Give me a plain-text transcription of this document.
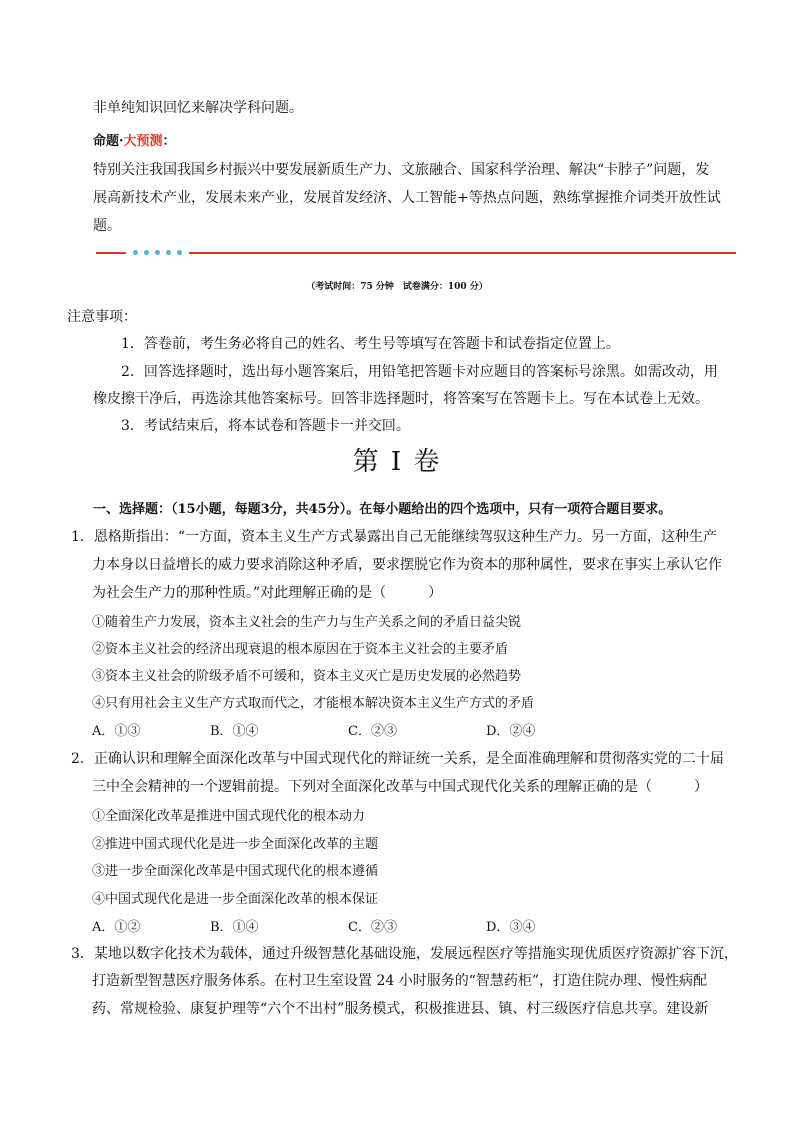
非单纯知识回忆来解决学科问题。
命题·大预测：
特别关注我国我国乡村振兴中要发展新质生产力、文旅融合、国家科学治理、解决“卡脖子”问题，发
展高新技术产业，发展未来产业，发展首发经济、人工智能+等热点问题，熟练掌握推介词类开放性试
题。
（考试时间：75 分钟　试卷满分：100 分）
注意事项：
1．答卷前，考生务必将自己的姓名、考生号等填写在答题卡和试卷指定位置上。
2．回答选择题时，选出每小题答案后，用铅笔把答题卡对应题目的答案标号涂黑。如需改动，用
橡皮擦干净后，再选涂其他答案标号。回答非选择题时，将答案写在答题卡上。写在本试卷上无效。
3．考试结束后，将本试卷和答题卡一并交回。
第 I 卷
一、选择题：（15小题，每题3分，共45分）。在每小题给出的四个选项中，只有一项符合题目要求。
1．恩格斯指出：“一方面，资本主义生产方式暴露出自己无能继续驾驭这种生产力。另一方面，这种生产
力本身以日益增长的威力要求消除这种矛盾，要求摆脱它作为资本的那种属性，要求在事实上承认它作
为社会生产力的那种性质。”对此理解正确的是（　　　）
①随着生产力发展，资本主义社会的生产力与生产关系之间的矛盾日益尖锐
②资本主义社会的经济出现衰退的根本原因在于资本主义社会的主要矛盾
③资本主义社会的阶级矛盾不可缓和，资本主义灭亡是历史发展的必然趋势
④只有用社会主义生产方式取而代之，才能根本解决资本主义生产方式的矛盾
A．①③	B．①④	C．②③	D．②④
2．正确认识和理解全面深化改革与中国式现代化的辩证统一关系，是全面准确理解和贯彻落实党的二十届
三中全会精神的一个逻辑前提。下列对全面深化改革与中国式现代化关系的理解正确的是（　　　）
①全面深化改革是推进中国式现代化的根本动力
②推进中国式现代化是进一步全面深化改革的主题
③进一步全面深化改革是中国式现代化的根本遵循
④中国式现代化是进一步全面深化改革的根本保证
A．①②	B．①④	C．②③	D．③④
3．某地以数字化技术为载体，通过升级智慧化基础设施，发展远程医疗等措施实现优质医疗资源扩容下沉，
打造新型智慧医疗服务体系。在村卫生室设置 24 小时服务的“智慧药柜”，打造住院办理、慢性病配
药、常规检验、康复护理等“六个不出村”服务模式，积极推进县、镇、村三级医疗信息共享。建设新
